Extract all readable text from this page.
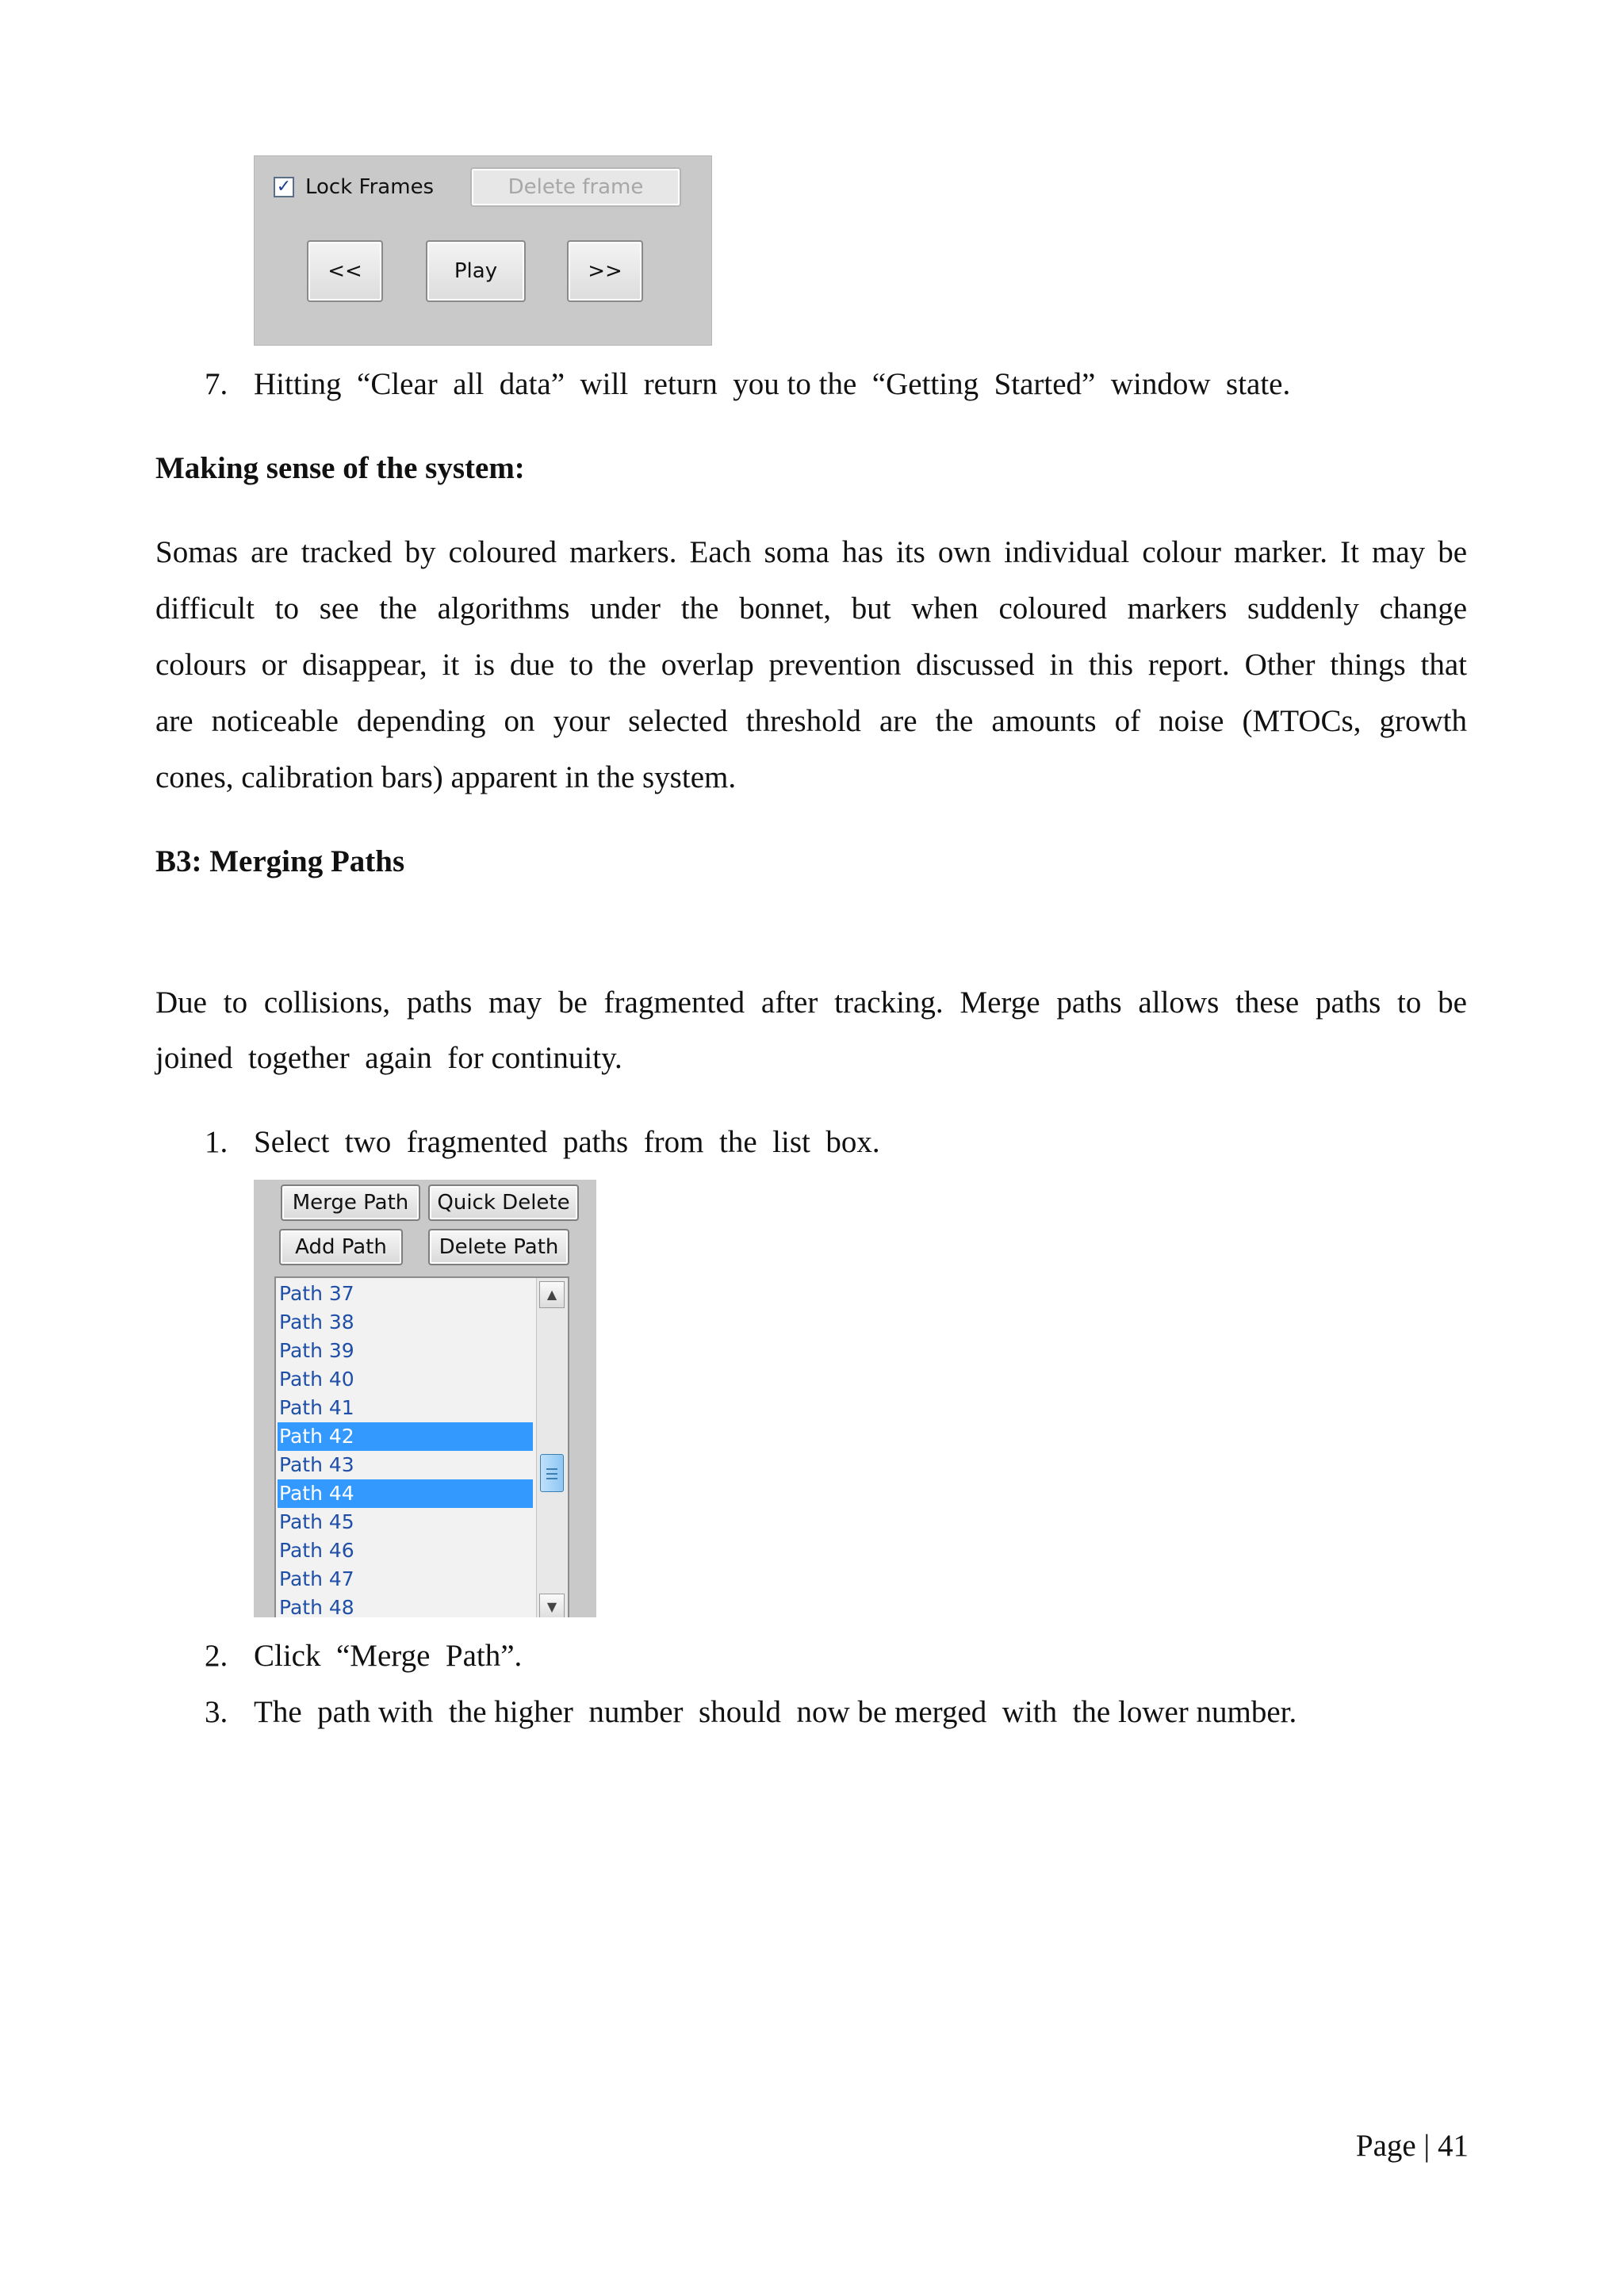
✓ Lock Frames	Delete frame
<<	Play	>>
7. Hitting  “Clear  all  data”  will  return  you to the  “Getting  Started”  window  state.
Making sense of the system:
Somas are tracked by coloured markers. Each soma has its own individual colour marker. It may be
difficult to see the algorithms under the bonnet, but when coloured markers suddenly change
colours or disappear, it is due to the overlap prevention discussed in this report. Other things that
are noticeable depending on your selected threshold are the amounts of noise (MTOCs, growth
cones, calibration bars) apparent in the system.
B3: Merging Paths
Due to collisions, paths may be fragmented after tracking. Merge paths allows these paths to be
joined  together  again  for continuity.
1. Select  two  fragmented  paths  from  the  list  box.
Merge Path	Quick Delete
Add Path	Delete Path
Path 37
Path 38
Path 39
Path 40
Path 41
Path 42
Path 43
Path 44
Path 45
Path 46
Path 47
Path 48
▲
▼
2. Click  “Merge  Path”.
3. The  path with  the higher  number  should  now be merged  with  the lower number.
Page | 41
